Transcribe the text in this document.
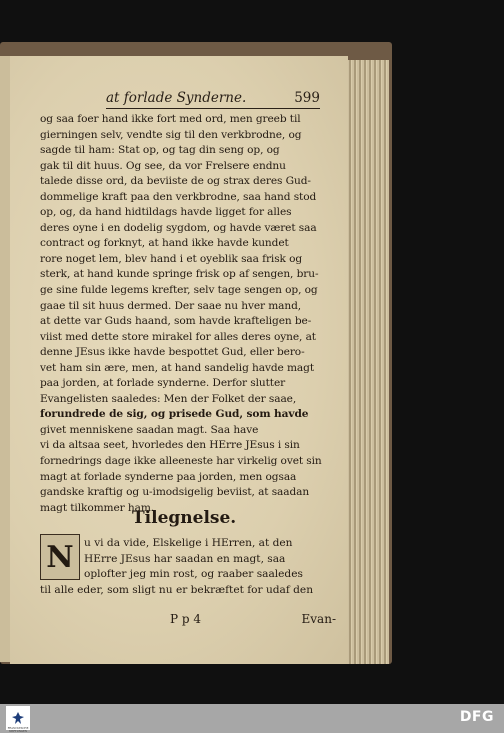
at forlade Synderne.	599
og saa foer hand ikke fort med ord, men greeb til
gierningen selv, vendte sig til den verkbrodne, og
sagde til ham: Stat op, og tag din seng op, og
gak til dit huus. Og see, da vor Frelsere endnu
talede disse ord, da beviiste de og strax deres Gud-
dommelige kraft paa den verkbrodne, saa hand stod
op, og, da hand hidtildags havde ligget for alles
deres oyne i en dodelig sygdom, og havde været saa
contract og forknyt, at hand ikke havde kundet
rore noget lem, blev hand i et oyeblik saa frisk og
sterk, at hand kunde springe frisk op af sengen, bru-
ge sine fulde legems krefter, selv tage sengen op, og
gaae til sit huus dermed. Der saae nu hver mand,
at dette var Guds haand, som havde krafteligen be-
viist med dette store mirakel for alles deres oyne, at
denne JEsus ikke havde bespottet Gud, eller bero-
vet ham sin ære, men, at hand sandelig havde magt
paa jorden, at forlade synderne. Derfor slutter
Evangelisten saaledes: Men der Folket der saae,
forundrede de sig, og prisede Gud, som havde
givet menniskene saadan magt. Saa have
vi da altsaa seet, hvorledes den HErre JEsus i sin
fornedrings dage ikke alleeneste har virkelig ovet sin
magt at forlade synderne paa jorden, men ogsaa
gandske kraftig og u-imodsigelig beviist, at saadan
magt tilkommer ham.
Tilegnelse.
N u vi da vide, Elskelige i HErren, at den
HErre JEsus har saadan en magt, saa
oplofter jeg min rost, og raaber saaledes
til alle eder, som sligt nu er bekræftet for udaf den
P p 4	Evan-
FRANCKESCHE STIFTUNGEN
DFG
